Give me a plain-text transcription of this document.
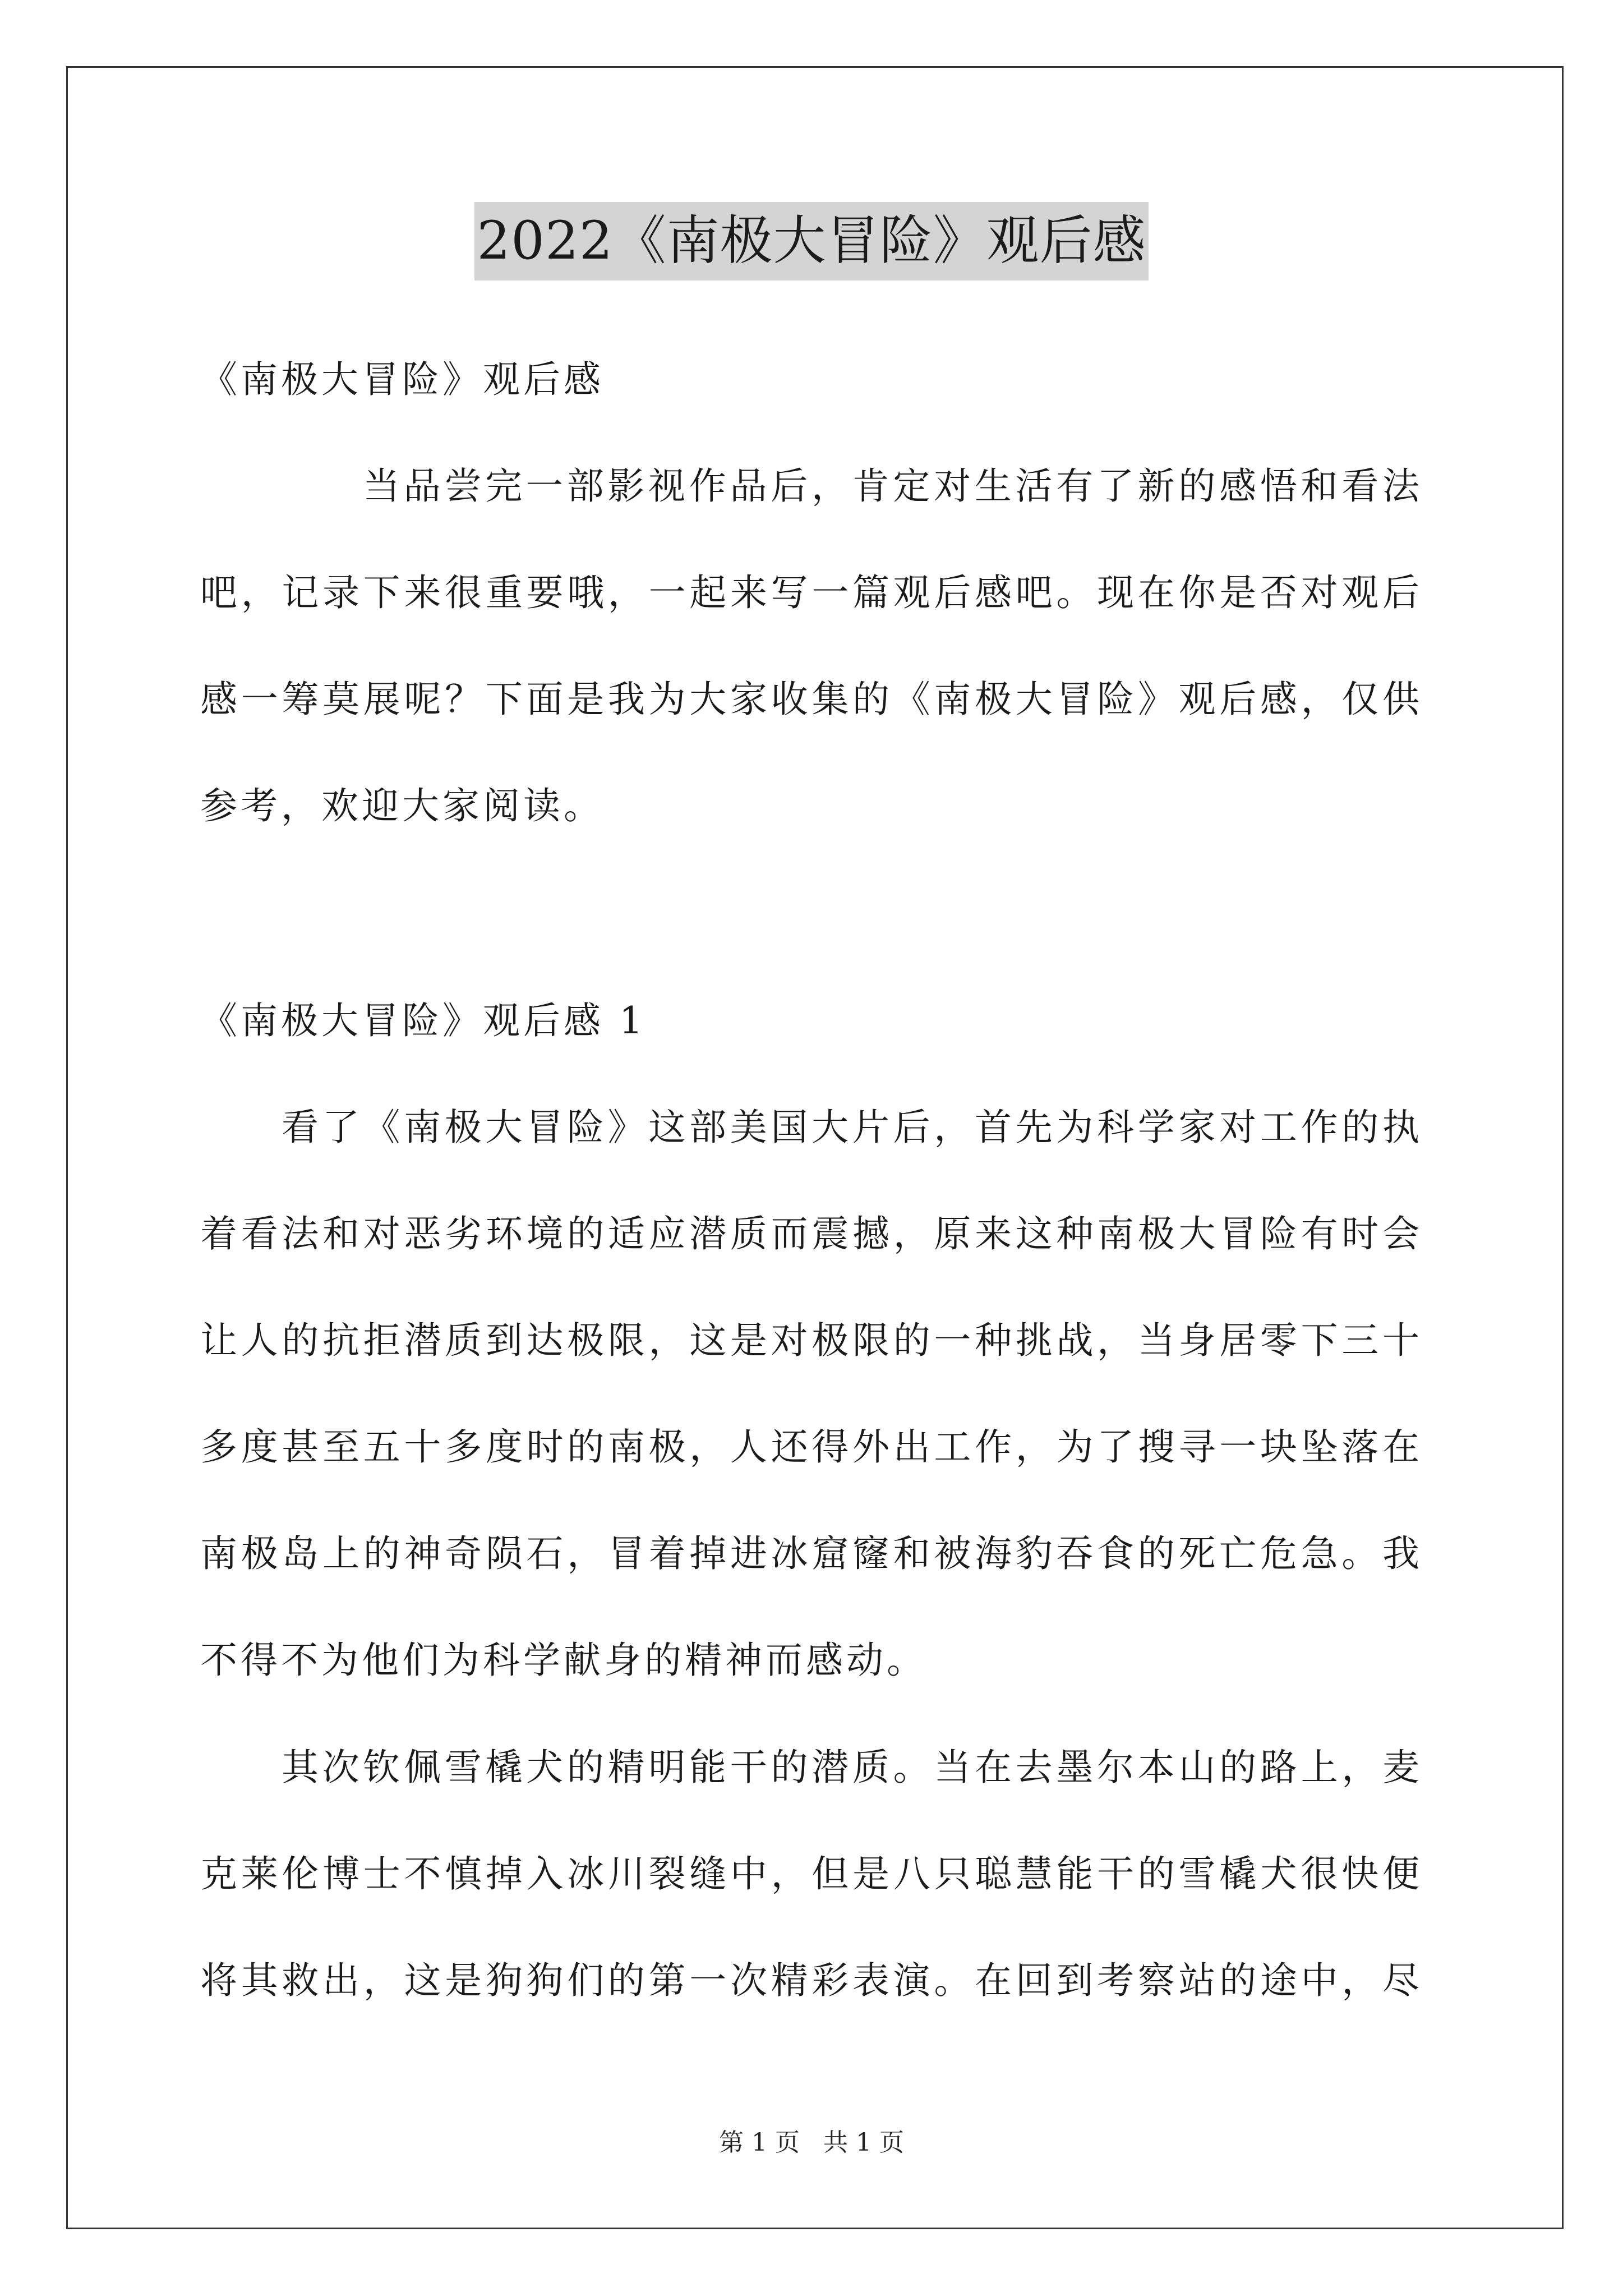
2022《南极大冒险》观后感
《南极大冒险》观后感
当品尝完一部影视作品后，肯定对生活有了新的感悟和看法
吧，记录下来很重要哦，一起来写一篇观后感吧。现在你是否对观后
感一筹莫展呢？下面是我为大家收集的《南极大冒险》观后感，仅供
参考，欢迎大家阅读。
《南极大冒险》观后感 1
看了《南极大冒险》这部美国大片后，首先为科学家对工作的执
着看法和对恶劣环境的适应潜质而震撼，原来这种南极大冒险有时会
让人的抗拒潜质到达极限，这是对极限的一种挑战，当身居零下三十
多度甚至五十多度时的南极，人还得外出工作，为了搜寻一块坠落在
南极岛上的神奇陨石，冒着掉进冰窟窿和被海豹吞食的死亡危急。我
不得不为他们为科学献身的精神而感动。
其次钦佩雪橇犬的精明能干的潜质。当在去墨尔本山的路上，麦
克莱伦博士不慎掉入冰川裂缝中，但是八只聪慧能干的雪橇犬很快便
将其救出，这是狗狗们的第一次精彩表演。在回到考察站的途中，尽
第 1 页 共 1 页
